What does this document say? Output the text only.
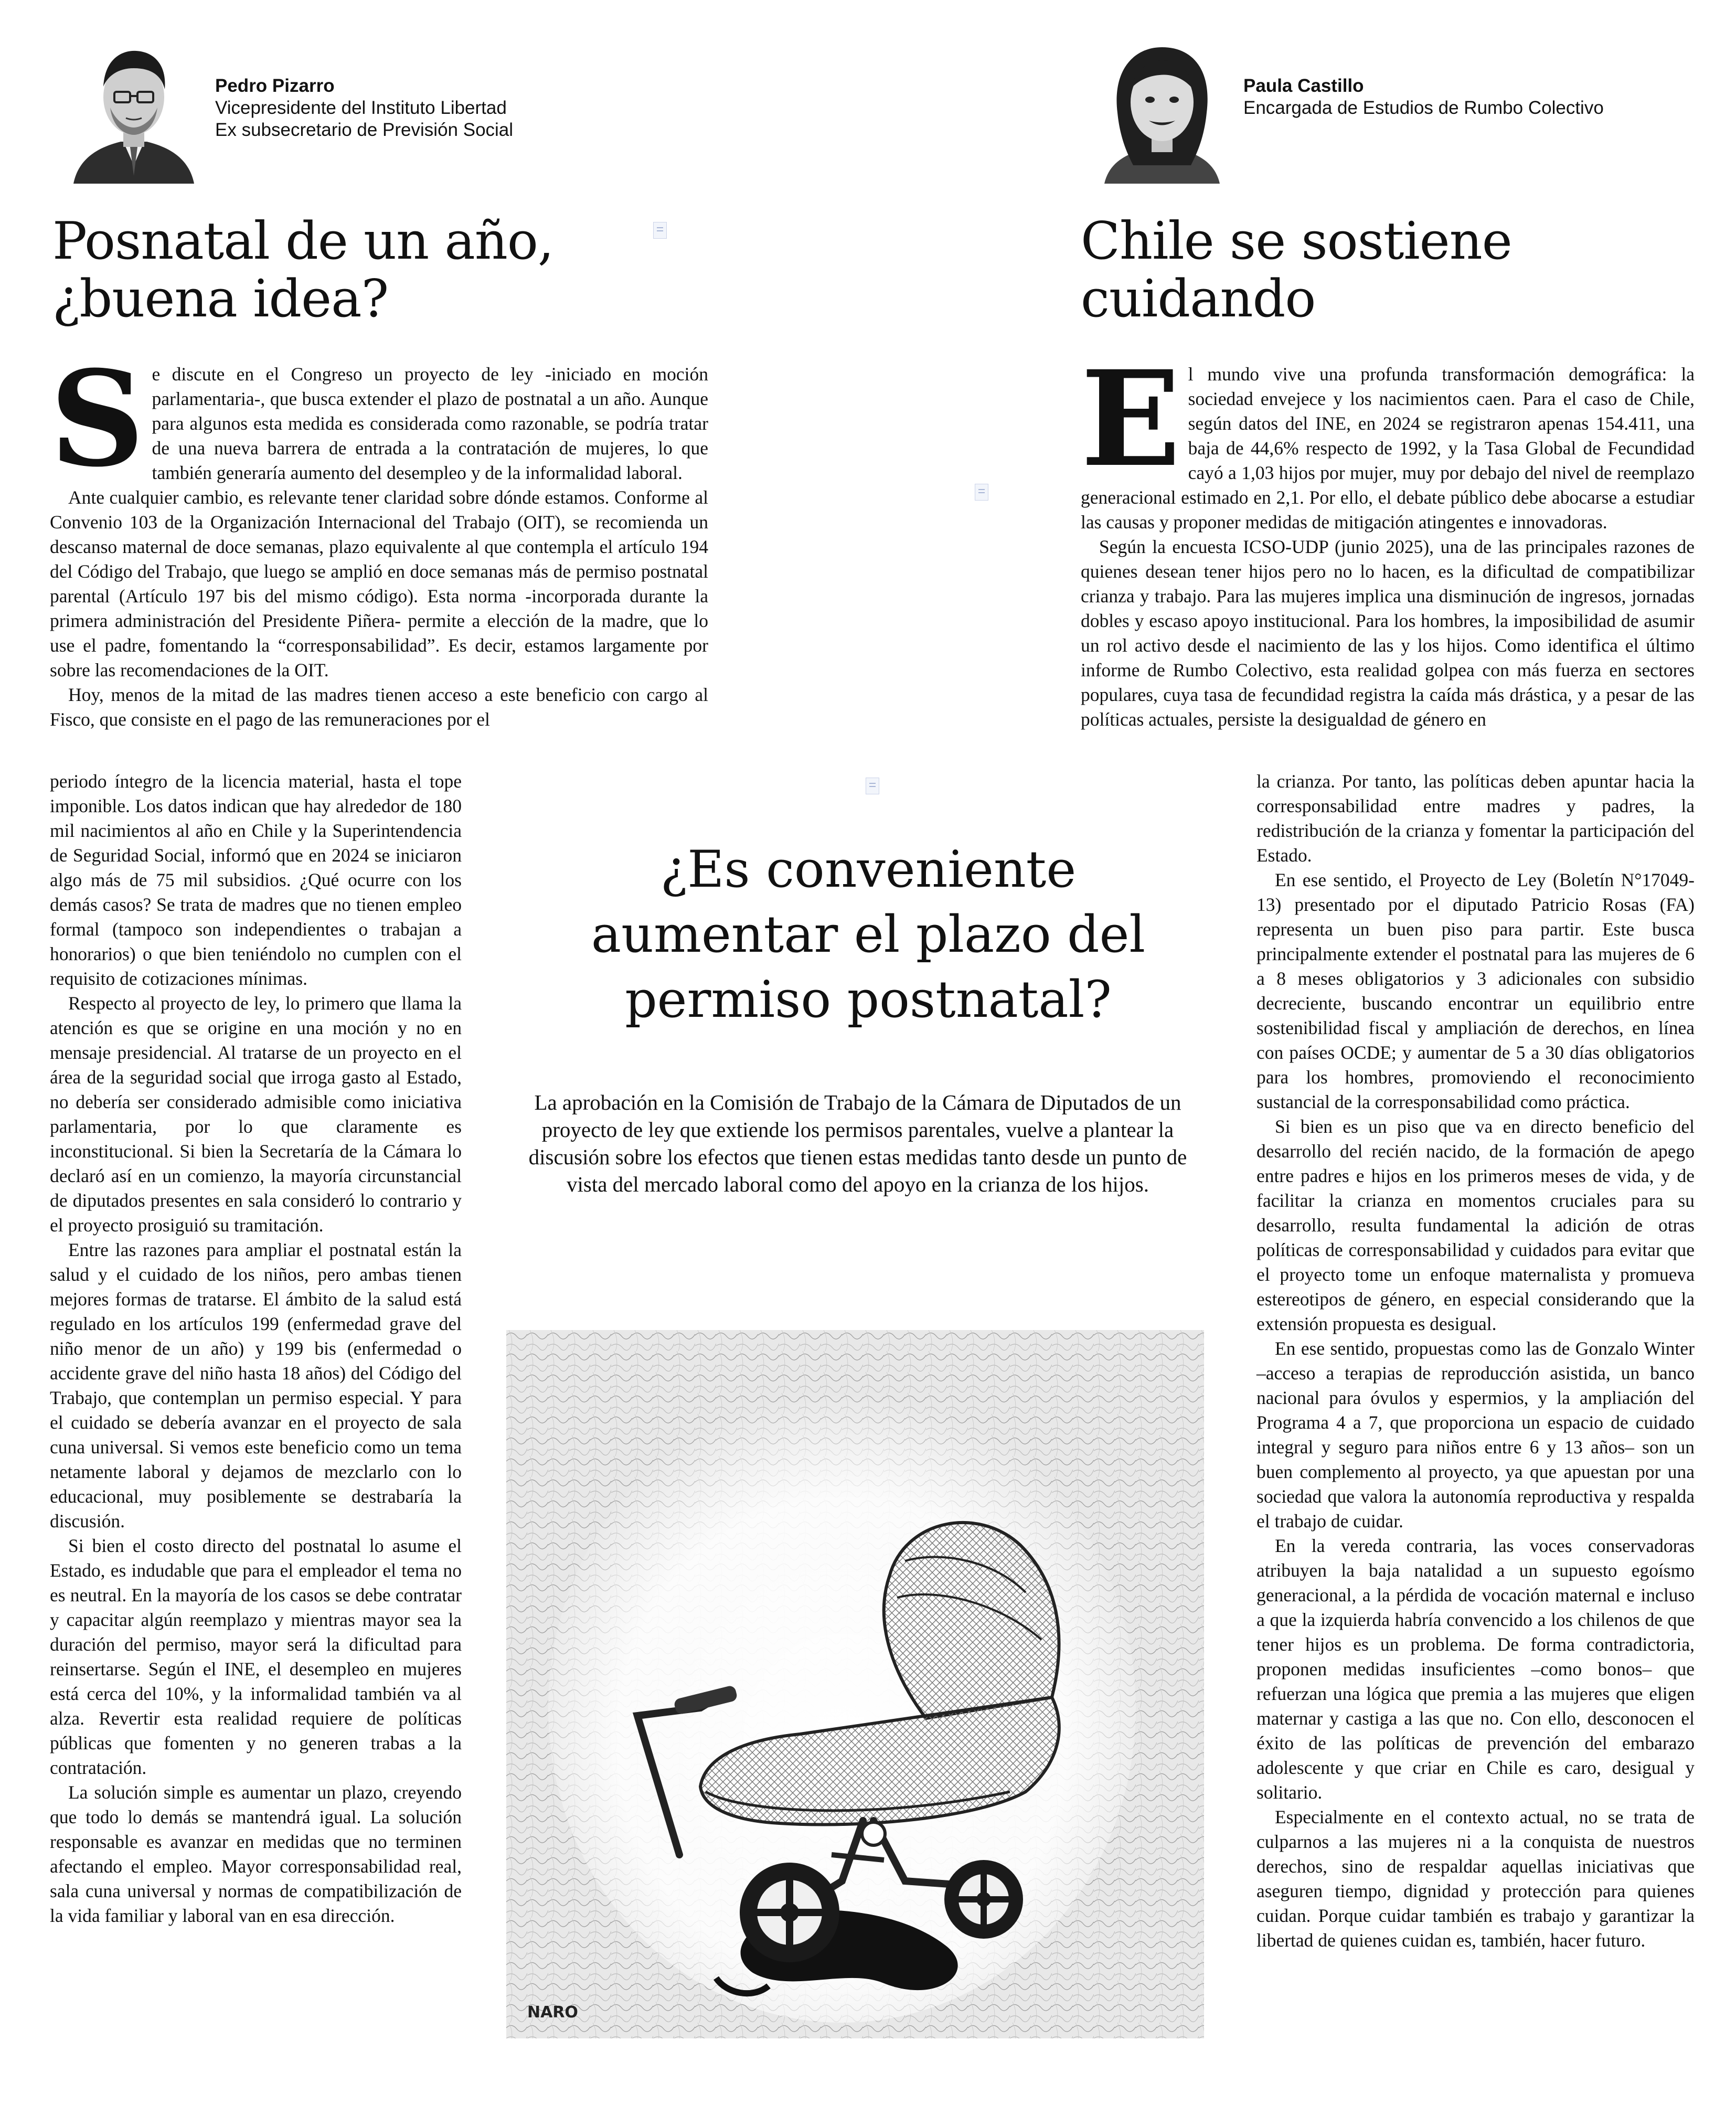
Pedro Pizarro
Vicepresidente del Instituto Libertad
Ex subsecretario de Previsión Social
Paula Castillo
Encargada de Estudios de Rumbo Colectivo
Posnatal de un año,
¿buena idea?
Chile se sostiene
cuidando
S e discute en el Congreso un proyecto de ley -iniciado en moción parlamentaria-, que busca extender el plazo de postnatal a un año. Aunque para algunos esta medida es considerada como razonable, se podría tratar de una nueva barrera de entrada a la contratación de mujeres, lo que también generaría aumento del desempleo y de la informalidad laboral.

Ante cualquier cambio, es relevante tener claridad sobre dónde estamos. Conforme al Convenio 103 de la Organización Internacional del Trabajo (OIT), se recomienda un descanso maternal de doce semanas, plazo equivalente al que contempla el artículo 194 del Código del Trabajo, que luego se amplió en doce semanas más de permiso postnatal parental (Artículo 197 bis del mismo código). Esta norma -incorporada durante la primera administración del Presidente Piñera- permite a elección de la madre, que lo use el padre, fomentando la “corresponsabilidad”. Es decir, estamos largamente por sobre las recomendaciones de la OIT.

Hoy, menos de la mitad de las madres tienen acceso a este beneficio con cargo al Fisco, que consiste en el pago de las remuneraciones por el

periodo íntegro de la licencia material, hasta el tope imponible. Los datos indican que hay alrededor de 180 mil nacimientos al año en Chile y la Superintendencia de Seguridad Social, informó que en 2024 se iniciaron algo más de 75 mil subsidios. ¿Qué ocurre con los demás casos? Se trata de madres que no tienen empleo formal (tampoco son independientes o trabajan a honorarios) o que bien teniéndolo no cumplen con el requisito de cotizaciones mínimas.

Respecto al proyecto de ley, lo primero que llama la atención es que se origine en una moción y no en mensaje presidencial. Al tratarse de un proyecto en el área de la seguridad social que irroga gasto al Estado, no debería ser considerado admisible como iniciativa parlamentaria, por lo que claramente es inconstitucional. Si bien la Secretaría de la Cámara lo declaró así en un comienzo, la mayoría circunstancial de diputados presentes en sala consideró lo contrario y el proyecto prosiguió su tramitación.

Entre las razones para ampliar el postnatal están la salud y el cuidado de los niños, pero ambas tienen mejores formas de tratarse. El ámbito de la salud está regulado en los artículos 199 (enfermedad grave del niño menor de un año) y 199 bis (enfermedad o accidente grave del niño hasta 18 años) del Código del Trabajo, que contemplan un permiso especial. Y para el cuidado se debería avanzar en el proyecto de sala cuna universal. Si vemos este beneficio como un tema netamente laboral y dejamos de mezclarlo con lo educacional, muy posiblemente se destrabaría la discusión.

Si bien el costo directo del postnatal lo asume el Estado, es indudable que para el empleador el tema no es neutral. En la mayoría de los casos se debe contratar y capacitar algún reemplazo y mientras mayor sea la duración del permiso, mayor será la dificultad para reinsertarse. Según el INE, el desempleo en mujeres está cerca del 10%, y la informalidad también va al alza. Revertir esta realidad requiere de políticas públicas que fomenten y no generen trabas a la contratación.

La solución simple es aumentar un plazo, creyendo que todo lo demás se mantendrá igual. La solución responsable es avanzar en medidas que no terminen afectando el empleo. Mayor corresponsabilidad real, sala cuna universal y normas de compatibilización de la vida familiar y laboral van en esa dirección.

E l mundo vive una profunda transformación demográfica: la sociedad envejece y los nacimientos caen. Para el caso de Chile, según datos del INE, en 2024 se registraron apenas 154.411, una baja de 44,6% respecto de 1992, y la Tasa Global de Fecundidad cayó a 1,03 hijos por mujer, muy por debajo del nivel de reemplazo generacional estimado en 2,1. Por ello, el debate público debe abocarse a estudiar las causas y proponer medidas de mitigación atingentes e innovadoras.

Según la encuesta ICSO-UDP (junio 2025), una de las principales razones de quienes desean tener hijos pero no lo hacen, es la dificultad de compatibilizar crianza y trabajo. Para las mujeres implica una disminución de ingresos, jornadas dobles y escaso apoyo institucional. Para los hombres, la imposibilidad de asumir un rol activo desde el nacimiento de las y los hijos. Como identifica el último informe de Rumbo Colectivo, esta realidad golpea con más fuerza en sectores populares, cuya tasa de fecundidad registra la caída más drástica, y a pesar de las políticas actuales, persiste la desigualdad de género en

la crianza. Por tanto, las políticas deben apuntar hacia la corresponsabilidad entre madres y padres, la redistribución de la crianza y fomentar la participación del Estado.

En ese sentido, el Proyecto de Ley (Boletín N°17049-13) presentado por el diputado Patricio Rosas (FA) representa un buen piso para partir. Este busca principalmente extender el postnatal para las mujeres de 6 a 8 meses obligatorios y 3 adicionales con subsidio decreciente, buscando encontrar un equilibrio entre sostenibilidad fiscal y ampliación de derechos, en línea con países OCDE; y aumentar de 5 a 30 días obligatorios para los hombres, promoviendo el reconocimiento sustancial de la corresponsabilidad como práctica.

Si bien es un piso que va en directo beneficio del desarrollo del recién nacido, de la formación de apego entre padres e hijos en los primeros meses de vida, y de facilitar la crianza en momentos cruciales para su desarrollo, resulta fundamental la adición de otras políticas de corresponsabilidad y cuidados para evitar que el proyecto tome un enfoque maternalista y promueva estereotipos de género, en especial considerando que la extensión propuesta es desigual.

En ese sentido, propuestas como las de Gonzalo Winter –acceso a terapias de reproducción asistida, un banco nacional para óvulos y espermios, y la ampliación del Programa 4 a 7, que proporciona un espacio de cuidado integral y seguro para niños entre 6 y 13 años– son un buen complemento al proyecto, ya que apuestan por una sociedad que valora la autonomía reproductiva y respalda el trabajo de cuidar.

En la vereda contraria, las voces conservadoras atribuyen la baja natalidad a un supuesto egoísmo generacional, a la pérdida de vocación maternal e incluso a que la izquierda habría convencido a los chilenos de que tener hijos es un problema. De forma contradictoria, proponen medidas insuficientes –como bonos– que refuerzan una lógica que premia a las mujeres que eligen maternar y castiga a las que no. Con ello, desconocen el éxito de las políticas de prevención del embarazo adolescente y que criar en Chile es caro, desigual y solitario.

Especialmente en el contexto actual, no se trata de culparnos a las mujeres ni a la conquista de nuestros derechos, sino de respaldar aquellas iniciativas que aseguren tiempo, dignidad y protección para quienes cuidan. Porque cuidar también es trabajo y garantizar la libertad de quienes cuidan es, también, hacer futuro.

¿Es conveniente
aumentar el plazo del
permiso postnatal?
La aprobación en la Comisión de Trabajo de la Cámara de Diputados de un proyecto de ley que extiende los permisos parentales, vuelve a plantear la discusión sobre los efectos que tienen estas medidas tanto desde un punto de vista del mercado laboral como del apoyo en la crianza de los hijos.
NARO
